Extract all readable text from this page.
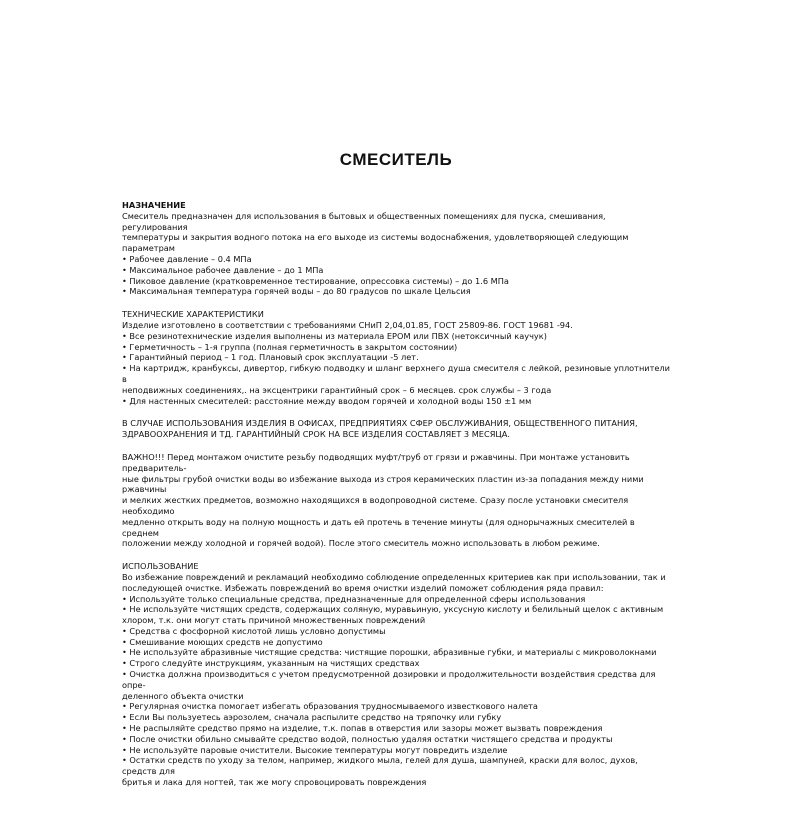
СМЕСИТЕЛЬ
НАЗНАЧЕНИЕ
Смеситель предназначен для использования в бытовых и общественных помещениях для пуска, смешивания, регулирования
температуры и закрытия водного потока на его выходе из системы водоснабжения, удовлетворяющей следующим параметрам
• Рабочее давление – 0.4 МПа
• Максимальное рабочее давление – до 1 МПа
• Пиковое давление (кратковременное тестирование, опрессовка системы) – до 1.6 МПа
• Максимальная температура горячей воды – до 80 градусов по шкале Цельсия
ТЕХНИЧЕСКИЕ ХАРАКТЕРИСТИКИ
Изделие изготовлено в соответствии с требованиями СНиП 2,04,01.85, ГОСТ 25809-86. ГОСТ 19681 -94.
• Все резинотехнические изделия выполнены из материала EPOM или ПВХ (нетоксичный каучук)
• Герметичность – 1-я группа (полная герметичность в закрытом состоянии)
• Гарантийный период – 1 год. Плановый срок эксплуатации -5 лет.
• На картридж, кранбуксы, дивертор, гибкую подводку и шланг верхнего душа смесителя с лейкой, резиновые уплотнители в
неподвижных соединениях,. на эксцентрики гарантийный срок – 6 месяцев. срок службы – 3 года
• Для настенных смесителей: расстояние между вводом горячей и холодной воды 150 ±1 мм
В СЛУЧАЕ ИСПОЛЬЗОВАНИЯ ИЗДЕЛИЯ В ОФИСАХ, ПРЕДПРИЯТИЯХ СФЕР ОБСЛУЖИВАНИЯ, ОБЩЕСТВЕННОГО ПИТАНИЯ,
ЗДРАВООХРАНЕНИЯ И ТД. ГАРАНТИЙНЫЙ СРОК НА ВСЕ ИЗДЕЛИЯ СОСТАВЛЯЕТ 3 МЕСЯЦА.
ВАЖНО!!! Перед монтажом очистите резьбу подводящих муфт/труб от грязи и ржавчины. При монтаже установить предваритель-
ные фильтры грубой очистки воды во избежание выхода из строя керамических пластин из-за попадания между ними ржавчины
и мелких жестких предметов, возможно находящихся в водопроводной системе. Сразу после установки смесителя необходимо
медленно открыть воду на полную мощность и дать ей протечь в течение минуты (для однорычажных смесителей в среднем
положении между холодной и горячей водой). После этого смеситель можно использовать в любом режиме.
ИСПОЛЬЗОВАНИЕ
Во избежание повреждений и рекламаций необходимо соблюдение определенных критериев как при использовании, так и
последующей очистке. Избежать повреждений во время очистки изделий поможет соблюдения ряда правил:
• Используйте только специальные средства, предназначенные для определенной сферы использования
• Не используйте чистящих средств, содержащих соляную, муравьиную, уксусную кислоту и белильный щелок с активным
хлором, т.к. они могут стать причиной множественных повреждений
• Средства с фосфорной кислотой лишь условно допустимы
• Смешивание моющих средств не допустимо
• Не используйте абразивные чистящие средства: чистящие порошки, абразивные губки, и материалы с микроволокнами
• Строго следуйте инструкциям, указанным на чистящих средствах
• Очистка должна производиться с учетом предусмотренной дозировки и продолжительности воздействия средства для опре-
деленного объекта очистки
• Регулярная очистка помогает избегать образования трудносмываемого известкового налета
• Если Вы пользуетесь аэрозолем, сначала распылите средство на тряпочку или губку
• Не распыляйте средство прямо на изделие, т.к. попав в отверстия или зазоры может вызвать повреждения
• После очистки обильно смывайте средство водой, полностью удаляя остатки чистящего средства и продукты
• Не используйте паровые очистители. Высокие температуры могут повредить изделие
• Остатки средств по уходу за телом, например, жидкого мыла, гелей для душа, шампуней, краски для волос, духов, средств для
бритья и лака для ногтей, так же могу спровоцировать повреждения
